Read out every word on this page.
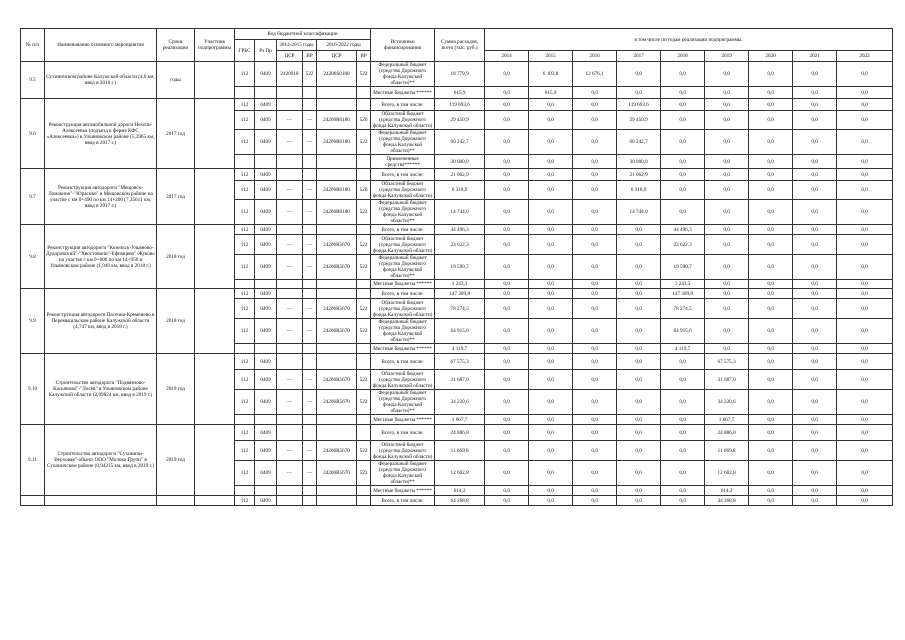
№ п/п	Наименование основного мероприятия	Сроки реализации	Участник подпрограммы	Код бюджетной классификации						Источники финансирования	Сумма расходов, всего (тыс. руб.)	в том числе по годам реализации подпрограммы:								
				ГРБС	Рз Пр	2014-2015 годы		2016-2022 годы												

						ЦСР	ВР	ЦСР	ВР			2014	2015	2016	2017	2018	2019	2020	2021	2022
9.5	Сухиничском районе Калужской области (4,6 км, ввод в 2016 г.)	годы		112	0409	2420918	522	24206S0180	522	Федеральный бюджет (средства Дорожного фонда Калужской области)**	18 779,9	0,0	6 103,8	12 676,1	0,0	0,0	0,0	0,0	0,0	0,0
										Местные бюджеты ******	615,9	0,0	615,9	0,0	0,0	0,0	0,0	0,0	0,0	0,0
9.6	Реконструкция автомобильной дороги Нехочи-Алексеевка (подъезд к ферме КФС «Алексеевка») в Ульяновском районе (5,3965 км, ввод в 2017 г.)	2017 год		112	0409					Всего, в том числе:	119 693,6	0,0	0,0	0,0	119 693,6	0,0	0,0	0,0	0,0	0,0
				112	0409	—	—	24206R0180	520	Областной бюджет (средства Дорожного фонда Калужской области)	29 450,9	0,0	0,0	0,0	29 450,9	0,0	0,0	0,0	0,0	0,0
				112	0409	—	—	24206R0180	522	Федеральный бюджет (средства Дорожного фонда Калужской области)**	60 242,7	0,0	0,0	0,0	60 242,7	0,0	0,0	0,0	0,0	0,0
										Привлеченные средства******	30 000,0	0,0	0,0	0,0	30 000,0	0,0	0,0	0,0	0,0	0,0
9.7	Реконструкция автодороги "Мещовск-Ломакино"-"Юрасово" в Мещовском районе на участке с км 0+490 по км 14+200 (7,35611 км, ввод в 2017 г.)	2017 год		112	0409					Всего, в том числе:	21 062,9	0,0	0,0	0,0	21 062,9	0,0	0,0	0,0	0,0	0,0
				112	0409	—	—	24206R0180	520	Областной бюджет (средства Дорожного фонда Калужской области)	6 318,9	0,0	0,0	0,0	6 318,9	0,0	0,0	0,0	0,0	0,0
				112	0409	—	—	24206R0180	522	Федеральный бюджет (средства Дорожного фонда Калужской области)**	14 744,0	0,0	0,0	0,0	14 744,0	0,0	0,0	0,0	0,0	0,0
9.8	Реконструкция автодороги "Козельск-Ульяново-Дудоровский"-"Хвостовичи"-Ефимцево"-Жуково на участке с км 0+000 по км 14+950 в Ульяновском районе (1,949 км, ввод в 2018 г.)	2018 год		112	0409					Всего, в том числе:	44 496,3	0,0	0,0	0,0	0,0	44 496,3	0,0	0,0	0,0	0,0
				112	0409	—	—	24206R5670	522	Областной бюджет (средства Дорожного фонда Калужской области)	23 622,3	0,0	0,0	0,0	0,0	23 622,3	0,0	0,0	0,0	0,0
				112	0409	—	—	24206R5670	522	Федеральный бюджет (средства Дорожного фонда Калужской области)**	19 590,7	0,0	0,0	0,0	0,0	19 590,7	0,0	0,0	0,0	0,0
										Местные бюджеты ******	1 243,3	0,0	0,0	0,0	0,0	1 243,3	0,0	0,0	0,0	0,0
9.9	Реконструкция автодороги Пасечна-Кременево в Перемышльском районе Калужской области (4,747 км, ввод в 2018 г.)	2018 год		112	0409					Всего, в том числе:	147 309,8	0,0	0,0	0,0	0,0	147 309,8	0,0	0,0	0,0	0,0
				112	0409	—	—	24206R5670	522	Областной бюджет (средства Дорожного фонда Калужской области)	78 274,5	0,0	0,0	0,0	0,0	78 274,5	0,0	0,0	0,0	0,0
				112	0409	—	—	24206R5670	522	Федеральный бюджет (средства Дорожного фонда Калужской области)**	64 915,6	0,0	0,0	0,0	0,0	64 915,6	0,0	0,0	0,0	0,0
										Местные бюджеты ******	4 119,7	0,0	0,0	0,0	0,0	4 119,7	0,0	0,0	0,0	0,0
9.10	Строительство автодороги "Подвязново-Касьяново"-"Лосев" в Ульяновском районе Калужской области (2,09824 км, ввод в 2019 г.)	2019 год		112	0409					Всего, в том числе:	67 575,3	0,0	0,0	0,0	0,0	0,0	67 575,3	0,0	0,0	0,0
				112	0409	—	—	24206R5670	522	Областной бюджет (средства Дорожного фонда Калужской области)	31 687,0	0,0	0,0	0,0	0,0	0,0	31 687,0	0,0	0,0	0,0
				112	0409	—	—	24206R5670	522	Федеральный бюджет (средства Дорожного фонда Калужской области)**	34 220,6	0,0	0,0	0,0	0,0	0,0	34 220,6	0,0	0,0	0,0
										Местные бюджеты ******	1 667,7	0,0	0,0	0,0	0,0	0,0	1 667,7	0,0	0,0	0,0
9.11	Строительство автодороги "Сухиничи-Верховая"-объект ООО "Молоко Групп" в Сухиничском районе (0,94215 км, ввод в 2019 г.)	2019 год		112	0409					Всего, в том числе:	24 886,8	0,0	0,0	0,0	0,0	0,0	24 886,8	0,0	0,0	0,0
				112	0409	—	—	24206R5670	522	Областной бюджет (средства Дорожного фонда Калужской области)	11 669,8	0,0	0,0	0,0	0,0	0,0	11 669,8	0,0	0,0	0,0
				112	0409	—	—	24206R5670	522	Федеральный бюджет (средства Дорожного фонда Калужской области)**	12 602,8	0,0	0,0	0,0	0,0	0,0	12 602,8	0,0	0,0	0,0
										Местные бюджеты ******	614,2	0,0	0,0	0,0	0,0	0,0	614,2	0,0	0,0	0,0
				112	0409					Всего, в том числе:	64 268,8	0,0	0,0	0,0	0,0	0,0	44 268,8	0,0	0,0	0,0
